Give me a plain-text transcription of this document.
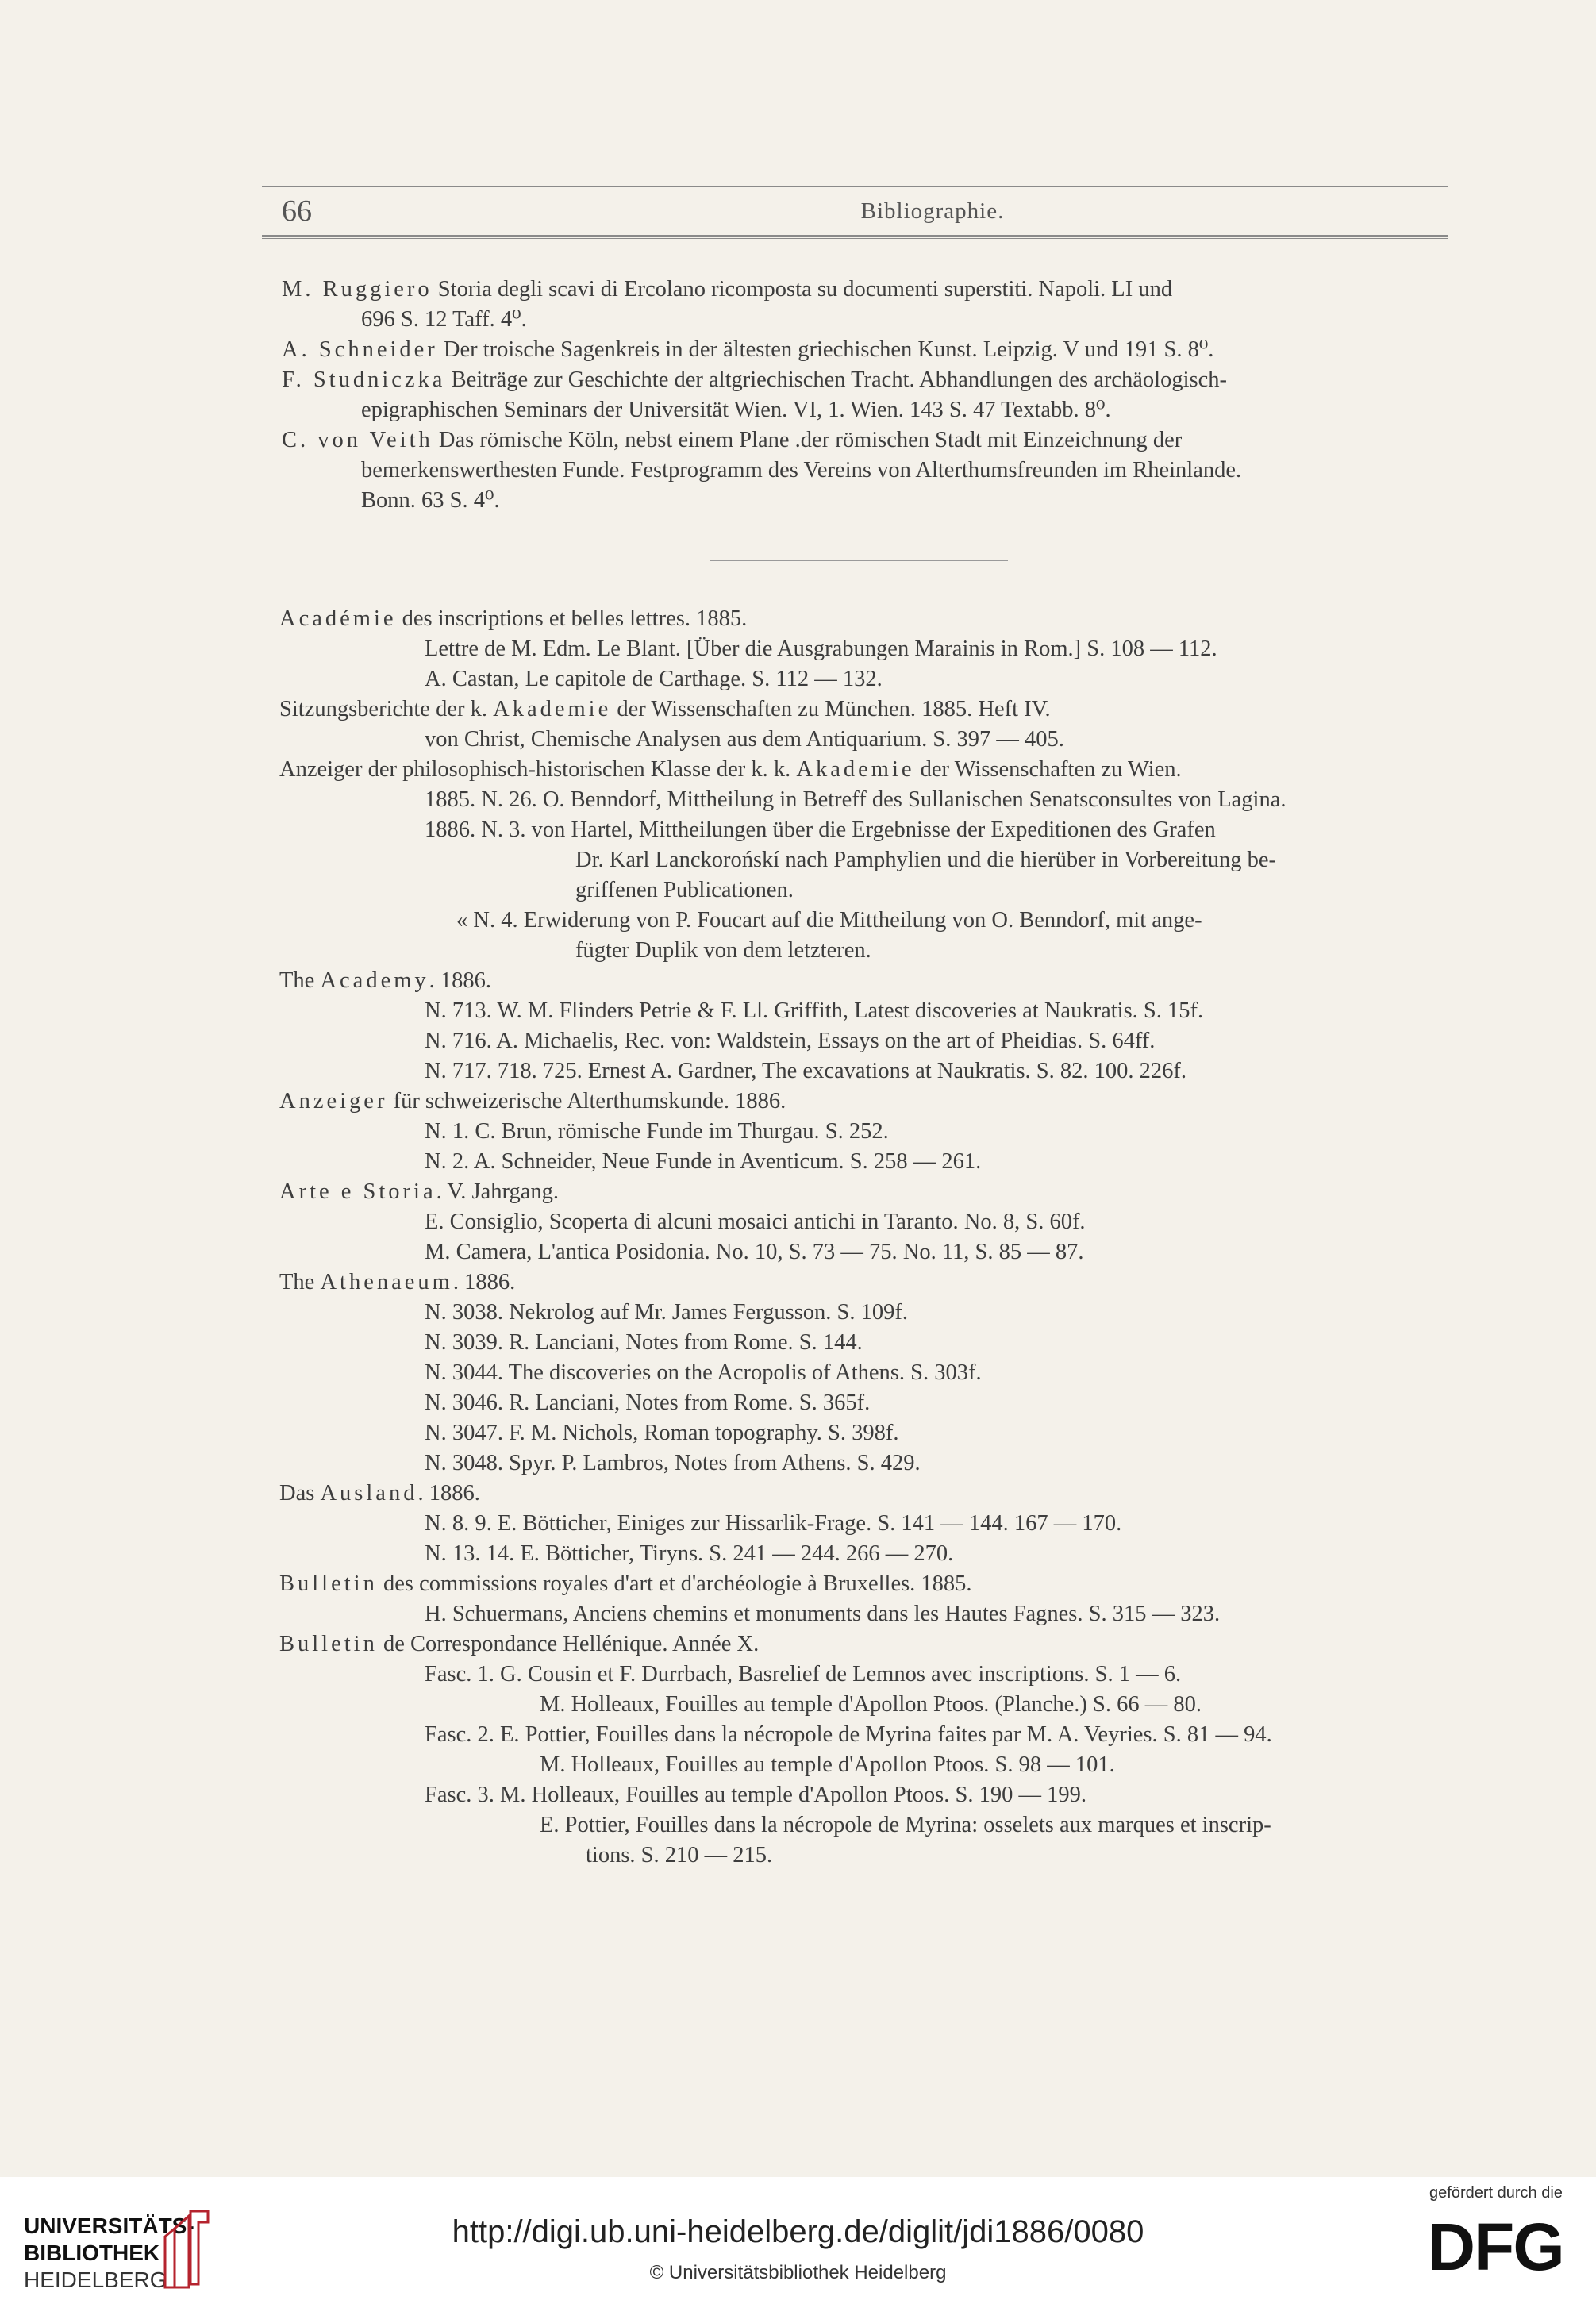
66	Bibliographie.
M. Ruggiero Storia degli scavi di Ercolano ricomposta su documenti superstiti. Napoli. LI und
696 S. 12 Taff. 4⁰.
A. Schneider Der troische Sagenkreis in der ältesten griechischen Kunst. Leipzig. V und 191 S. 8⁰.
F. Studniczka Beiträge zur Geschichte der altgriechischen Tracht. Abhandlungen des archäologisch-
epigraphischen Seminars der Universität Wien. VI, 1. Wien. 143 S. 47 Textabb. 8⁰.
C. von Veith Das römische Köln, nebst einem Plane .der römischen Stadt mit Einzeichnung der
bemerkenswerthesten Funde. Festprogramm des Vereins von Alterthumsfreunden im Rheinlande.
Bonn. 63 S. 4⁰.
Académie des inscriptions et belles lettres. 1885.
Lettre de M. Edm. Le Blant. [Über die Ausgrabungen Marainis in Rom.] S. 108 — 112.
A. Castan, Le capitole de Carthage. S. 112 — 132.
Sitzungsberichte der k. Akademie der Wissenschaften zu München. 1885. Heft IV.
von Christ, Chemische Analysen aus dem Antiquarium. S. 397 — 405.
Anzeiger der philosophisch-historischen Klasse der k. k. Akademie der Wissenschaften zu Wien.
1885. N. 26. O. Benndorf, Mittheilung in Betreff des Sullanischen Senatsconsultes von Lagina.
1886. N. 3. von Hartel, Mittheilungen über die Ergebnisse der Expeditionen des Grafen
Dr. Karl Lanckorońskí nach Pamphylien und die hierüber in Vorbereitung be-
griffenen Publicationen.
« N. 4. Erwiderung von P. Foucart auf die Mittheilung von O. Benndorf, mit ange-
fügter Duplik von dem letzteren.
The Academy. 1886.
N. 713. W. M. Flinders Petrie & F. Ll. Griffith, Latest discoveries at Naukratis. S. 15f.
N. 716. A. Michaelis, Rec. von: Waldstein, Essays on the art of Pheidias. S. 64ff.
N. 717. 718. 725. Ernest A. Gardner, The excavations at Naukratis. S. 82. 100. 226f.
Anzeiger für schweizerische Alterthumskunde. 1886.
N. 1. C. Brun, römische Funde im Thurgau. S. 252.
N. 2. A. Schneider, Neue Funde in Aventicum. S. 258 — 261.
Arte e Storia. V. Jahrgang.
E. Consiglio, Scoperta di alcuni mosaici antichi in Taranto. No. 8, S. 60f.
M. Camera, L'antica Posidonia. No. 10, S. 73 — 75. No. 11, S. 85 — 87.
The Athenaeum. 1886.
N. 3038. Nekrolog auf Mr. James Fergusson. S. 109f.
N. 3039. R. Lanciani, Notes from Rome. S. 144.
N. 3044. The discoveries on the Acropolis of Athens. S. 303f.
N. 3046. R. Lanciani, Notes from Rome. S. 365f.
N. 3047. F. M. Nichols, Roman topography. S. 398f.
N. 3048. Spyr. P. Lambros, Notes from Athens. S. 429.
Das Ausland. 1886.
N. 8. 9. E. Bötticher, Einiges zur Hissarlik-Frage. S. 141 — 144. 167 — 170.
N. 13. 14. E. Bötticher, Tiryns. S. 241 — 244. 266 — 270.
Bulletin des commissions royales d'art et d'archéologie à Bruxelles. 1885.
H. Schuermans, Anciens chemins et monuments dans les Hautes Fagnes. S. 315 — 323.
Bulletin de Correspondance Hellénique. Année X.
Fasc. 1. G. Cousin et F. Durrbach, Basrelief de Lemnos avec inscriptions. S. 1 — 6.
M. Holleaux, Fouilles au temple d'Apollon Ptoos. (Planche.) S. 66 — 80.
Fasc. 2. E. Pottier, Fouilles dans la nécropole de Myrina faites par M. A. Veyries. S. 81 — 94.
M. Holleaux, Fouilles au temple d'Apollon Ptoos. S. 98 — 101.
Fasc. 3. M. Holleaux, Fouilles au temple d'Apollon Ptoos. S. 190 — 199.
E. Pottier, Fouilles dans la nécropole de Myrina: osselets aux marques et inscrip-
tions. S. 210 — 215.
UNIVERSITÄTS-
BIBLIOTHEK
HEIDELBERG
http://digi.ub.uni-heidelberg.de/diglit/jdi1886/0080
© Universitätsbibliothek Heidelberg
gefördert durch die
DFG
